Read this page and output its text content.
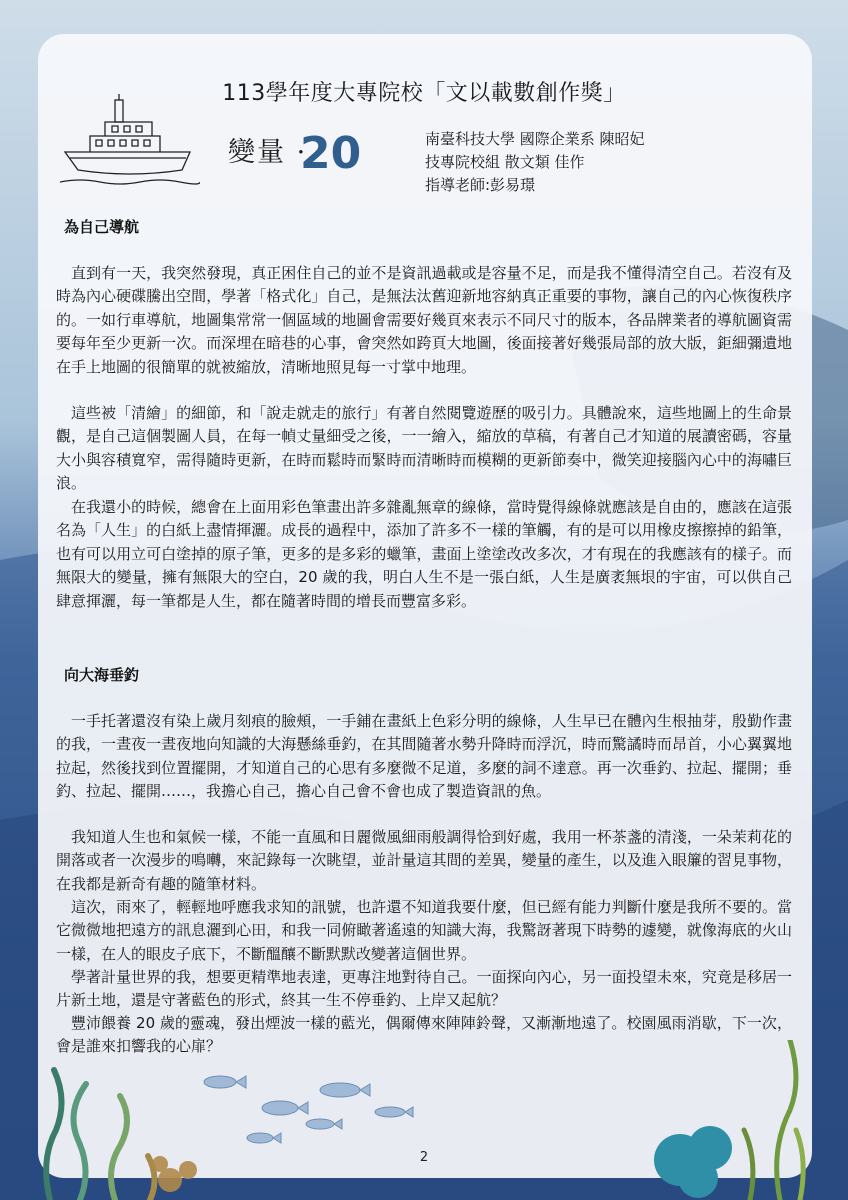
113學年度大專院校「文以載數創作獎」
變量 ·
20	南臺科技大學 國際企業系 陳昭妃
技專院校組 散文類 佳作
指導老師:彭易璟
為自己導航

直到有一天，我突然發現，真正困住自己的並不是資訊過載或是容量不足，而是我不懂得清空自己。若沒有及時為內心硬碟騰出空間，學著「格式化」自己，是無法汰舊迎新地容納真正重要的事物，讓自己的內心恢復秩序的。一如行車導航，地圖集常常一個區域的地圖會需要好幾頁來表示不同尺寸的版本，各品牌業者的導航圖資需要每年至少更新一次。而深埋在暗巷的心事，會突然如跨頁大地圖，後面接著好幾張局部的放大版，鉅細彌遺地在手上地圖的很簡單的就被縮放，清晰地照見每一寸掌中地理。

這些被「清繪」的細節，和「說走就走的旅行」有著自然閱覽遊歷的吸引力。具體說來，這些地圖上的生命景觀，是自己這個製圖人員，在每一幀丈量細受之後，一一繪入，縮放的草稿，有著自己才知道的展讀密碼，容量大小與容積寬窄，需得隨時更新，在時而鬆時而緊時而清晰時而模糊的更新節奏中，微笑迎接腦內心中的海嘯巨浪。

在我還小的時候，總會在上面用彩色筆畫出許多雜亂無章的線條，當時覺得線條就應該是自由的，應該在這張名為「人生」的白紙上盡情揮灑。成長的過程中，添加了許多不一樣的筆觸，有的是可以用橡皮擦擦掉的鉛筆，也有可以用立可白塗掉的原子筆，更多的是多彩的蠟筆，畫面上塗塗改改多次，才有現在的我應該有的樣子。而無限大的變量，擁有無限大的空白，20 歲的我，明白人生不是一張白紙，人生是廣袤無垠的宇宙，可以供自己肆意揮灑，每一筆都是人生，都在隨著時間的增長而豐富多彩。

向大海垂釣

一手托著還沒有染上歲月刻痕的臉頰，一手鋪在畫紙上色彩分明的線條，人生早已在體內生根抽芽，殷勤作畫的我，一晝夜一晝夜地向知識的大海懸絲垂釣，在其間隨著水勢升降時而浮沉，時而驚譎時而昂首，小心翼翼地拉起，然後找到位置擺開，才知道自己的心思有多麼微不足道，多麼的詞不達意。再一次垂釣、拉起、擺開；垂釣、拉起、擺開……，我擔心自己，擔心自己會不會也成了製造資訊的魚。

我知道人生也和氣候一樣，不能一直風和日麗微風細雨般調得恰到好處，我用一杯茶盞的清淺，一朵茉莉花的開落或者一次漫步的鳴囀，來記錄每一次眺望，並計量這其間的差異，變量的產生，以及進入眼簾的習見事物，在我都是新奇有趣的隨筆材料。

這次，雨來了，輕輕地呼應我求知的訊號，也許還不知道我要什麼，但已經有能力判斷什麼是我所不要的。當它微微地把遠方的訊息灑到心田，和我一同俯瞰著遙遠的知識大海，我驚訝著現下時勢的遽變，就像海底的火山一樣，在人的眼皮子底下，不斷醞釀不斷默默改變著這個世界。

學著計量世界的我，想要更精準地表達，更專注地對待自己。一面探向內心，另一面投望未來，究竟是移居一片新土地，還是守著藍色的形式，終其一生不停垂釣、上岸又起航？

豐沛餵養 20 歲的靈魂，發出煙波一樣的藍光，偶爾傳來陣陣鈴聲，又漸漸地遠了。校園風雨消歇，下一次，會是誰來扣響我的心扉？

2
